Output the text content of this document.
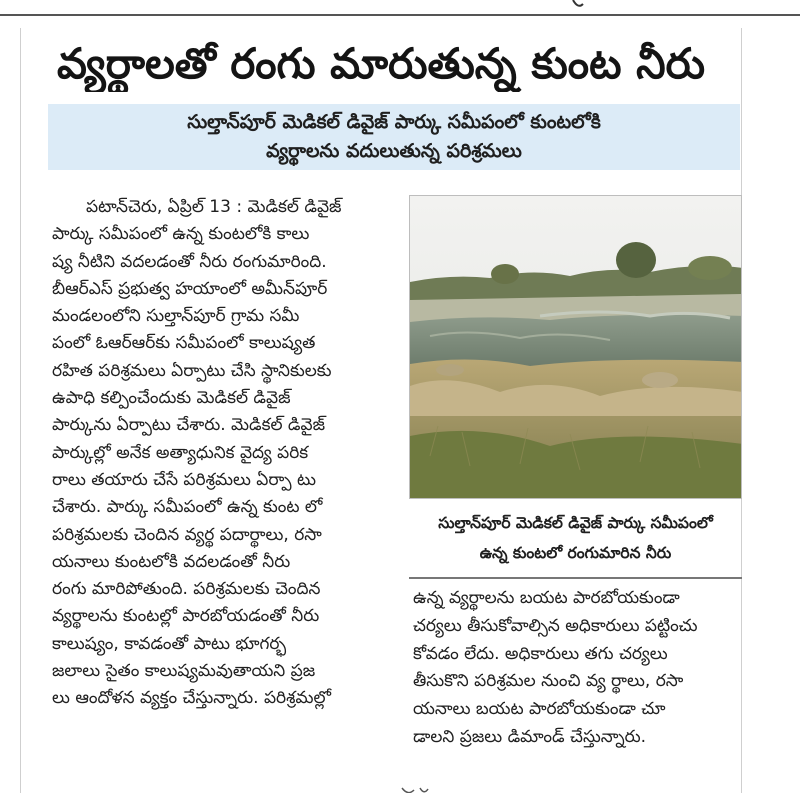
వ్యర్థాలతో రంగు మారుతున్న కుంట నీరు
సుల్తాన్‌పూర్‌ మెడికల్‌ డివైజ్‌ పార్కు సమీపంలో కుంటలోకి
వ్యర్థాలను వదులుతున్న పరిశ్రమలు
పటాన్‌చెరు, ఏప్రిల్‌ 13 : మెడికల్‌ డివైజ్‌
పార్కు సమీపంలో ఉన్న కుంటలోకి కాలు
ష్య నీటిని వదలడంతో నీరు రంగుమారింది.
బీఆర్‌ఎస్‌ ప్రభుత్వ హయాంలో అమీన్‌పూర్‌
మండలంలోని సుల్తాన్‌పూర్‌ గ్రామ సమీ
పంలో ఓఆర్‌ఆర్‌కు సమీపంలో కాలుష్యత
రహిత పరిశ్రమలు ఏర్పాటు చేసి స్థానికులకు
ఉపాధి కల్పించేందుకు మెడికల్‌ డివైజ్‌
పార్కును ఏర్పాటు చేశారు. మెడికల్‌ డివైజ్‌
పార్కుల్లో అనేక అత్యాధునిక వైద్య పరిక
రాలు తయారు చేసే పరిశ్రమలు ఏర్పా టు
చేశారు. పార్కు సమీపంలో ఉన్న కుంట లో
పరిశ్రమలకు చెందిన వ్యర్థ పదార్థాలు, రసా
యనాలు కుంటలోకి వదలడంతో నీరు
రంగు మారిపోతుంది. పరిశ్రమలకు చెందిన
వ్యర్థాలను కుంటల్లో పారబోయడంతో నీరు
కాలుష్యం, కావడంతో పాటు భూగర్భ
జలాలు సైతం కాలుష్యమవుతాయని ప్రజ
లు ఆందోళన వ్యక్తం చేస్తున్నారు. పరిశ్రమల్లో
సుల్తాన్‌పూర్‌ మెడికల్‌ డివైజ్‌ పార్కు సమీపంలో
ఉన్న కుంటలో రంగుమారిన నీరు
ఉన్న వ్యర్థాలను బయట పారబోయకుండా
చర్యలు తీసుకోవాల్సిన అధికారులు పట్టించు
కోవడం లేదు. అధికారులు తగు చర్యలు
తీసుకొని పరిశ్రమల నుంచి వ్య ర్థాలు, రసా
యనాలు బయట పారబోయకుండా చూ
డాలని ప్రజలు డిమాండ్‌ చేస్తున్నారు.
